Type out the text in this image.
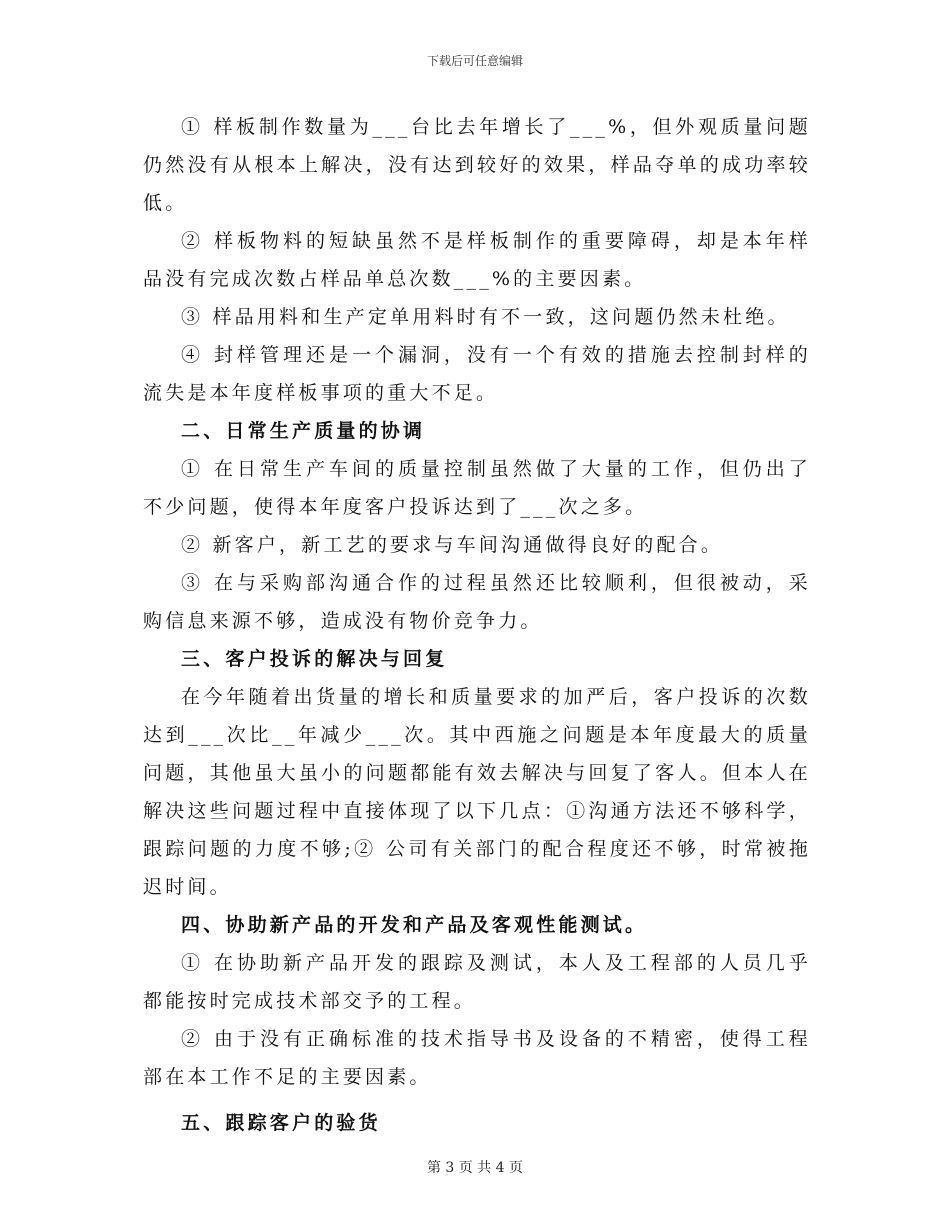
下载后可任意编辑

① 样板制作数量为___台比去年增长了___%，但外观质量问题仍然没有从根本上解决，没有达到较好的效果，样品夺单的成功率较低。

② 样板物料的短缺虽然不是样板制作的重要障碍，却是本年样品没有完成次数占样品单总次数___%的主要因素。

③ 样品用料和生产定单用料时有不一致，这问题仍然未杜绝。

④ 封样管理还是一个漏洞，没有一个有效的措施去控制封样的流失是本年度样板事项的重大不足。

二、日常生产质量的协调

① 在日常生产车间的质量控制虽然做了大量的工作，但仍出了不少问题，使得本年度客户投诉达到了___次之多。

② 新客户，新工艺的要求与车间沟通做得良好的配合。

③ 在与采购部沟通合作的过程虽然还比较顺利，但很被动，采购信息来源不够，造成没有物价竞争力。

三、客户投诉的解决与回复

在今年随着出货量的增长和质量要求的加严后，客户投诉的次数达到___次比__年减少___次。其中西施之问题是本年度最大的质量问题，其他虽大虽小的问题都能有效去解决与回复了客人。但本人在解决这些问题过程中直接体现了以下几点：①沟通方法还不够科学，跟踪问题的力度不够;② 公司有关部门的配合程度还不够，时常被拖迟时间。

四、协助新产品的开发和产品及客观性能测试。

① 在协助新产品开发的跟踪及测试，本人及工程部的人员几乎都能按时完成技术部交予的工程。

② 由于没有正确标准的技术指导书及设备的不精密，使得工程部在本工作不足的主要因素。

五、跟踪客户的验货

第 3 页 共 4 页
